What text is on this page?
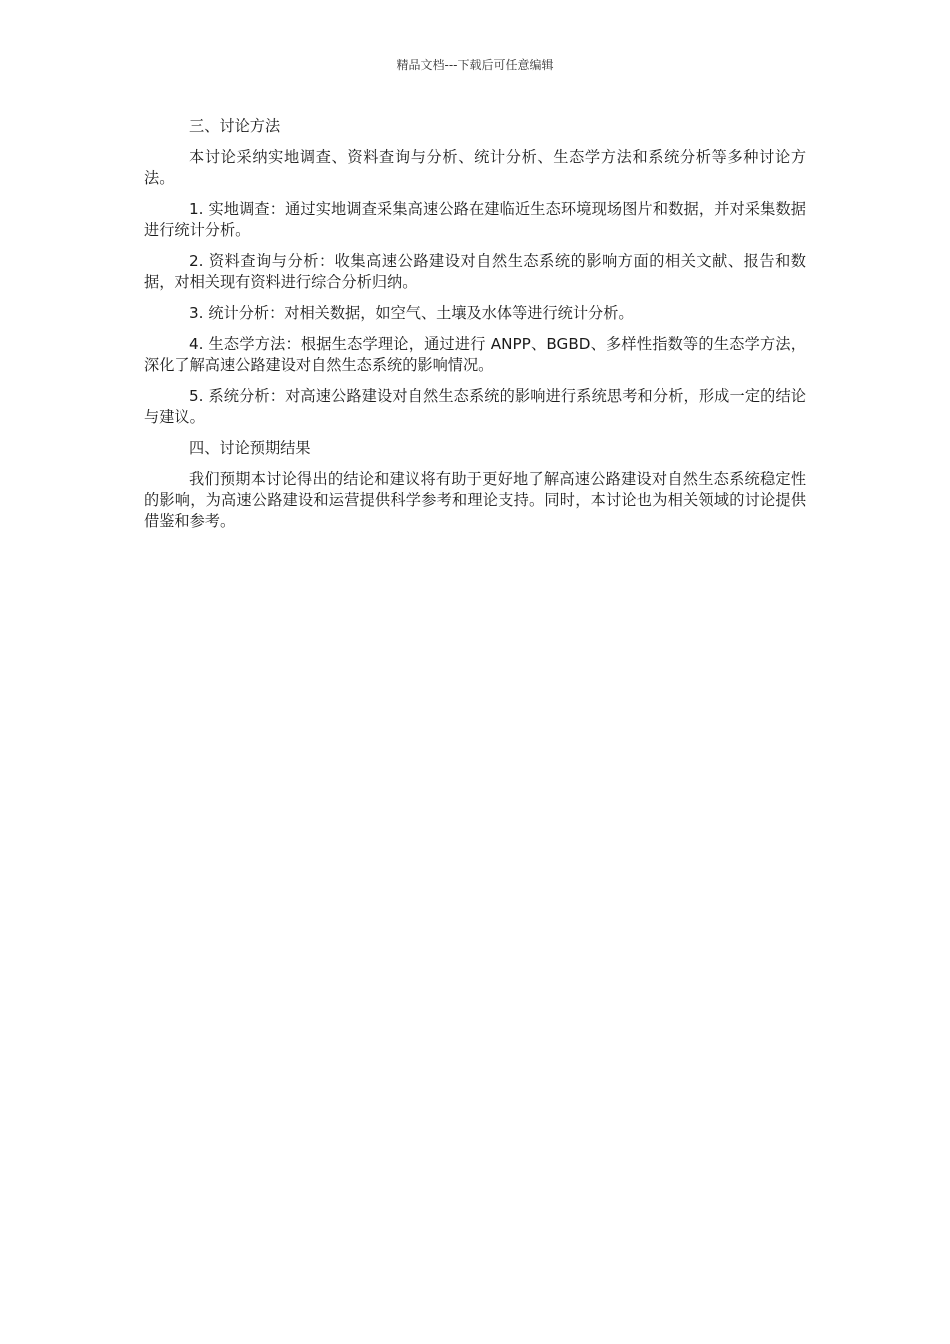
精品文档---下载后可任意编辑

三、讨论方法

本讨论采纳实地调查、资料查询与分析、统计分析、生态学方法和系统分析等多种讨论方法。

1. 实地调查：通过实地调查采集高速公路在建临近生态环境现场图片和数据，并对采集数据进行统计分析。

2. 资料查询与分析：收集高速公路建设对自然生态系统的影响方面的相关文献、报告和数据，对相关现有资料进行综合分析归纳。

3. 统计分析：对相关数据，如空气、土壤及水体等进行统计分析。

4. 生态学方法：根据生态学理论，通过进行 ANPP、BGBD、多样性指数等的生态学方法，深化了解高速公路建设对自然生态系统的影响情况。

5. 系统分析：对高速公路建设对自然生态系统的影响进行系统思考和分析，形成一定的结论与建议。

四、讨论预期结果

我们预期本讨论得出的结论和建议将有助于更好地了解高速公路建设对自然生态系统稳定性的影响，为高速公路建设和运营提供科学参考和理论支持。同时，本讨论也为相关领域的讨论提供借鉴和参考。
